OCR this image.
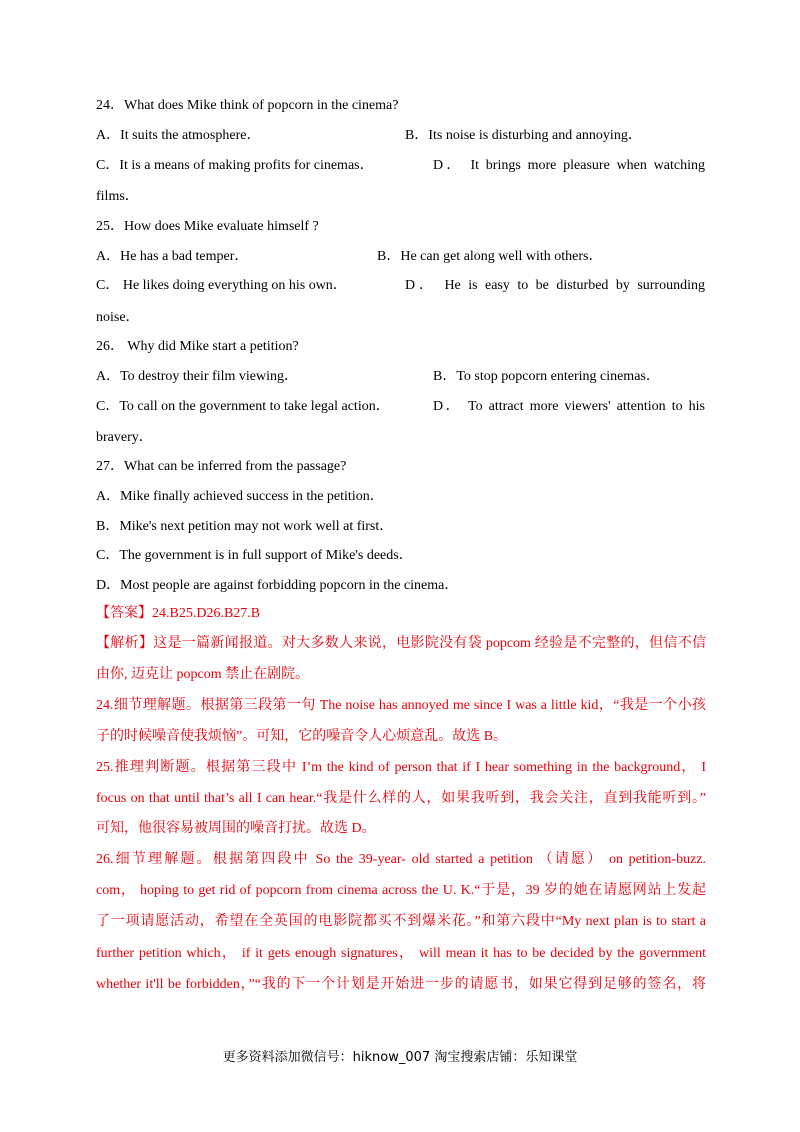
24．What does Mike think of popcorn in the cinema?
A．It suits the atmosphere．	B．Its noise is disturbing and annoying．
C．It is a means of making profits for cinemas．	D． It brings more pleasure when watching
films．
25．How does Mike evaluate himself ?
A．He has a bad temper．	B．He can get along well with others．
C． He likes doing everything on his own．	D． He is easy to be disturbed by surrounding
noise．
26． Why did Mike start a petition?
A．To destroy their film viewing．	B．To stop popcorn entering cinemas．
C．To call on the government to take legal action．	D． To attract more viewers' attention to his
bravery．
27．What can be inferred from the passage?
A．Mike finally achieved success in the petition．
B．Mike's next petition may not work well at first．
C．The government is in full support of Mike's deeds．
D．Most people are against forbidding popcorn in the cinema．
【答案】24.B25.D26.B27.B
【解析】这是一篇新闻报道。对大多数人来说，电影院没有袋 popcom 经验是不完整的，但信不信
由你, 迈克让 popcom 禁止在剧院。
24.细节理解题。根据第三段第一句 The noise has annoyed me since I was a little kid，“我是一个小孩
子的时候噪音使我烦恼”。可知，它的噪音令人心烦意乱。故选 B。
25.推理判断题。根据第三段中 I’m the kind of person that if I hear something in the background， I
focus on that until that’s all I can hear.“我是什么样的人，如果我听到，我会关注，直到我能听到。”
可知，他很容易被周围的噪音打扰。故选 D。
26.细节理解题。根据第四段中 So the 39-year- old started a petition （请愿） on petition-buzz.
com， hoping to get rid of popcorn from cinema across the U. K.“于是，39 岁的她在请愿网站上发起
了一项请愿活动，希望在全英国的电影院都买不到爆米花。”和第六段中“My next plan is to start a
further petition which， if it gets enough signatures， will mean it has to be decided by the government
whether it'll be forbidden，”“我的下一个计划是开始进一步的请愿书，如果它得到足够的签名，将
更多资料添加微信号：hiknow_007 淘宝搜索店铺：乐知课堂
